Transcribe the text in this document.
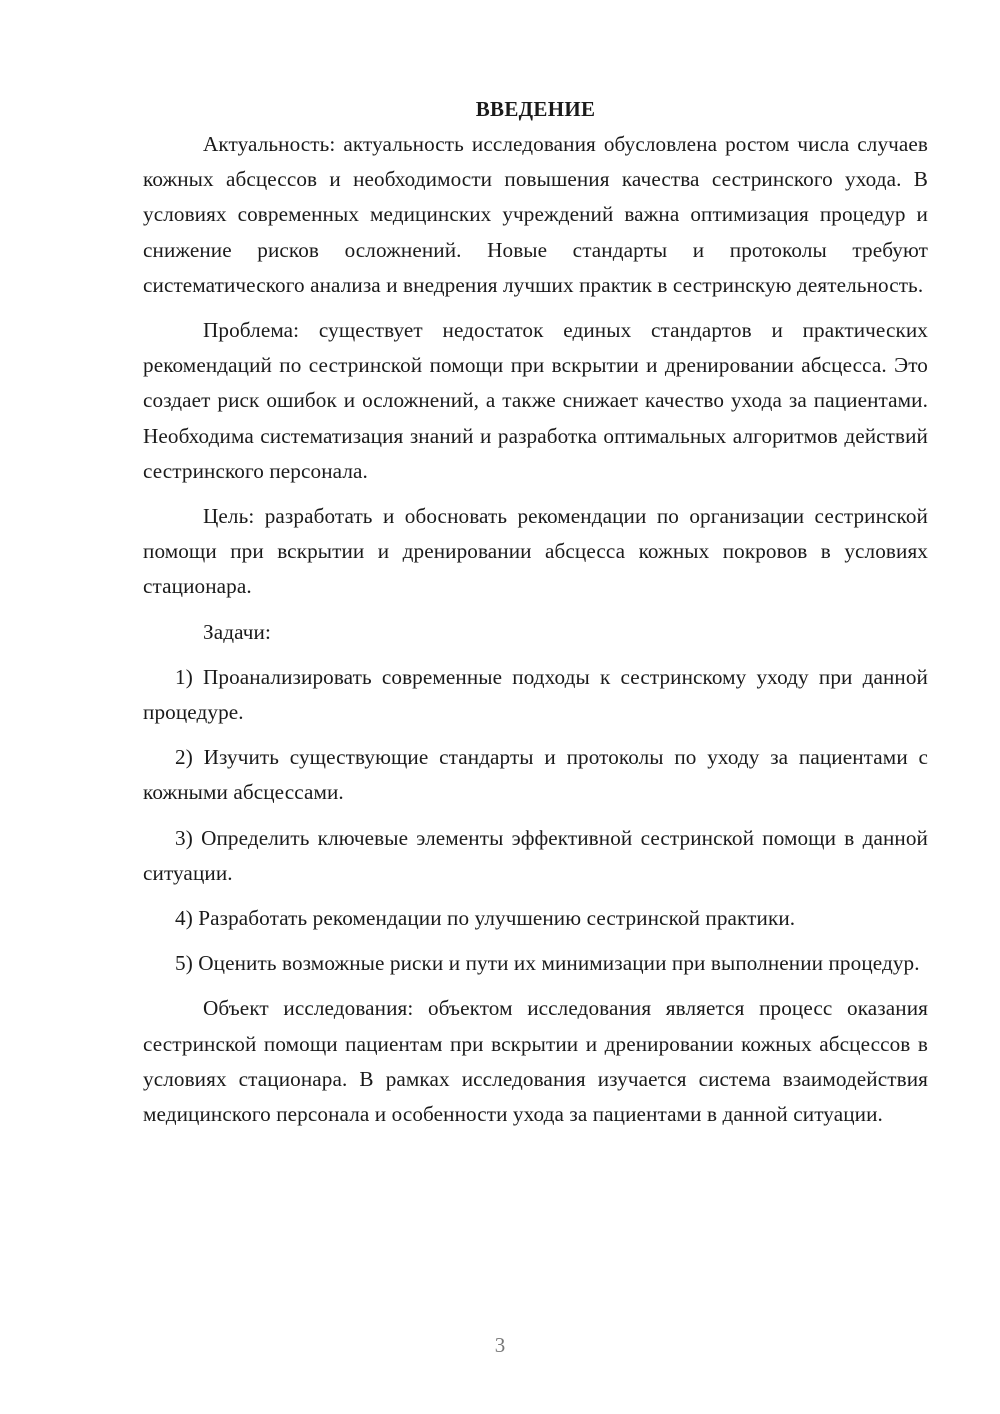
ВВЕДЕНИЕ

Актуальность: актуальность исследования обусловлена ростом числа случаев кожных абсцессов и необходимости повышения качества сестринского ухода. В условиях современных медицинских учреждений важна оптимизация процедур и снижение рисков осложнений. Новые стандарты и протоколы требуют систематического анализа и внедрения лучших практик в сестринскую деятельность.

Проблема: существует недостаток единых стандартов и практических рекомендаций по сестринской помощи при вскрытии и дренировании абсцесса. Это создает риск ошибок и осложнений, а также снижает качество ухода за пациентами. Необходима систематизация знаний и разработка оптимальных алгоритмов действий сестринского персонала.

Цель: разработать и обосновать рекомендации по организации сестринской помощи при вскрытии и дренировании абсцесса кожных покровов в условиях стационара.

Задачи:

1) Проанализировать современные подходы к сестринскому уходу при данной процедуре.

2) Изучить существующие стандарты и протоколы по уходу за пациентами с кожными абсцессами.

3) Определить ключевые элементы эффективной сестринской помощи в данной ситуации.

4) Разработать рекомендации по улучшению сестринской практики.

5) Оценить возможные риски и пути их минимизации при выполнении процедур.

Объект исследования: объектом исследования является процесс оказания сестринской помощи пациентам при вскрытии и дренировании кожных абсцессов в условиях стационара. В рамках исследования изучается система взаимодействия медицинского персонала и особенности ухода за пациентами в данной ситуации.

3
